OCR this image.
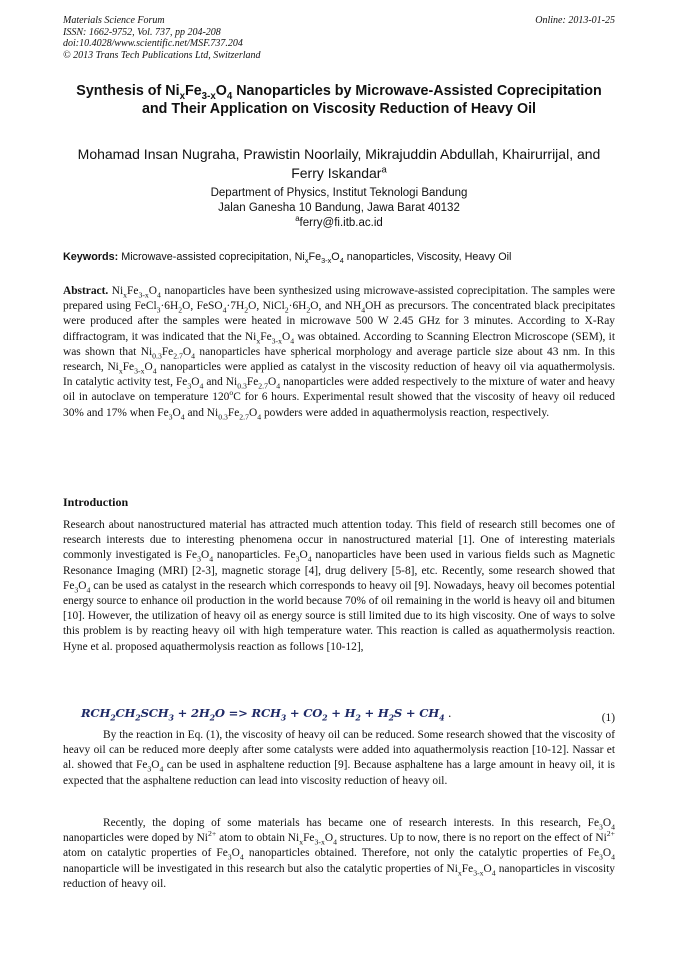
Materials Science Forum
ISSN: 1662-9752, Vol. 737, pp 204-208
doi:10.4028/www.scientific.net/MSF.737.204
© 2013 Trans Tech Publications Ltd, Switzerland
Online: 2013-01-25
Synthesis of $Ni_xFe_{3-x}O_4$ Nanoparticles by Microwave-Assisted Coprecipitation and Their Application on Viscosity Reduction of Heavy Oil
Mohamad Insan Nugraha, Prawistin Noorlaily, Mikrajuddin Abdullah, Khairurrijal, and Ferry Iskandar$^a$
Department of Physics, Institut Teknologi Bandung
Jalan Ganesha 10 Bandung, Jawa Barat 40132
$^a$ferry@fi.itb.ac.id
Keywords: Microwave-assisted coprecipitation, $Ni_xFe_{3-x}O_4$ nanoparticles, Viscosity, Heavy Oil

Abstract. $Ni_xFe_{3-x}O_4$ nanoparticles have been synthesized using microwave-assisted coprecipitation. The samples were prepared using $FeCl_3\cdot 6H_2O$, $FeSO_4\cdot 7H_2O$, $NiCl_2\cdot 6H_2O$, and $NH_4OH$ as precursors. The concentrated black precipitates were produced after the samples were heated in microwave 500 W 2.45 GHz for 3 minutes. According to X-Ray diffractogram, it was indicated that the $Ni_xFe_{3-x}O_4$ was obtained. According to Scanning Electron Microscope (SEM), it was shown that $Ni_{0.3}Fe_{2.7}O_4$ nanoparticles have spherical morphology and average particle size about 43 nm. In this research, $Ni_xFe_{3-x}O_4$ nanoparticles were applied as catalyst in the viscosity reduction of heavy oil via aquathermolysis. In catalytic activity test, $Fe_3O_4$ and $Ni_{0.3}Fe_{2.7}O_4$ nanoparticles were added respectively to the mixture of water and heavy oil in autoclave on temperature 120$^o$C for 6 hours. Experimental result showed that the viscosity of heavy oil reduced 30% and 17% when $Fe_3O_4$ and $Ni_{0.3}Fe_{2.7}O_4$ powders were added in aquathermolysis reaction, respectively.

Introduction

Research about nanostructured material has attracted much attention today. This field of research still becomes one of research interests due to interesting phenomena occur in nanostructured material [1]. One of interesting materials commonly investigated is $Fe_3O_4$ nanoparticles. $Fe_3O_4$ nanoparticles have been used in various fields such as Magnetic Resonance Imaging (MRI) [2-3], magnetic storage [4], drug delivery [5-8], etc. Recently, some research showed that $Fe_3O_4$ can be used as catalyst in the research which corresponds to heavy oil [9]. Nowadays, heavy oil becomes potential energy source to enhance oil production in the world because 70% of oil remaining in the world is heavy oil and bitumen [10]. However, the utilization of heavy oil as energy source is still limited due to its high viscosity. One of ways to solve this problem is by reacting heavy oil with high temperature water. This reaction is called as aquathermolysis reaction. Hyne et al. proposed aquathermolysis reaction as follows [10-12],

$RCH_2CH_2SCH_3 + 2H_2O => RCH_3 + CO_2 + H_2 + H_2S + CH_4$ .	(1)

By the reaction in Eq. (1), the viscosity of heavy oil can be reduced. Some research showed that the viscosity of heavy oil can be reduced more deeply after some catalysts were added into aquathermolysis reaction [10-12]. Nassar et al. showed that $Fe_3O_4$ can be used in asphaltene reduction [9]. Because asphaltene has a large amount in heavy oil, it is expected that the asphaltene reduction can lead into viscosity reduction of heavy oil.

Recently, the doping of some materials has became one of research interests. In this research, $Fe_3O_4$ nanoparticles were doped by $Ni^{2+}$ atom to obtain $Ni_xFe_{3-x}O_4$ structures. Up to now, there is no report on the effect of $Ni^{2+}$ atom on catalytic properties of $Fe_3O_4$ nanoparticles obtained. Therefore, not only the catalytic properties of $Fe_3O_4$ nanoparticle will be investigated in this research but also the catalytic properties of $Ni_xFe_{3-x}O_4$ nanoparticles in viscosity reduction of heavy oil.
